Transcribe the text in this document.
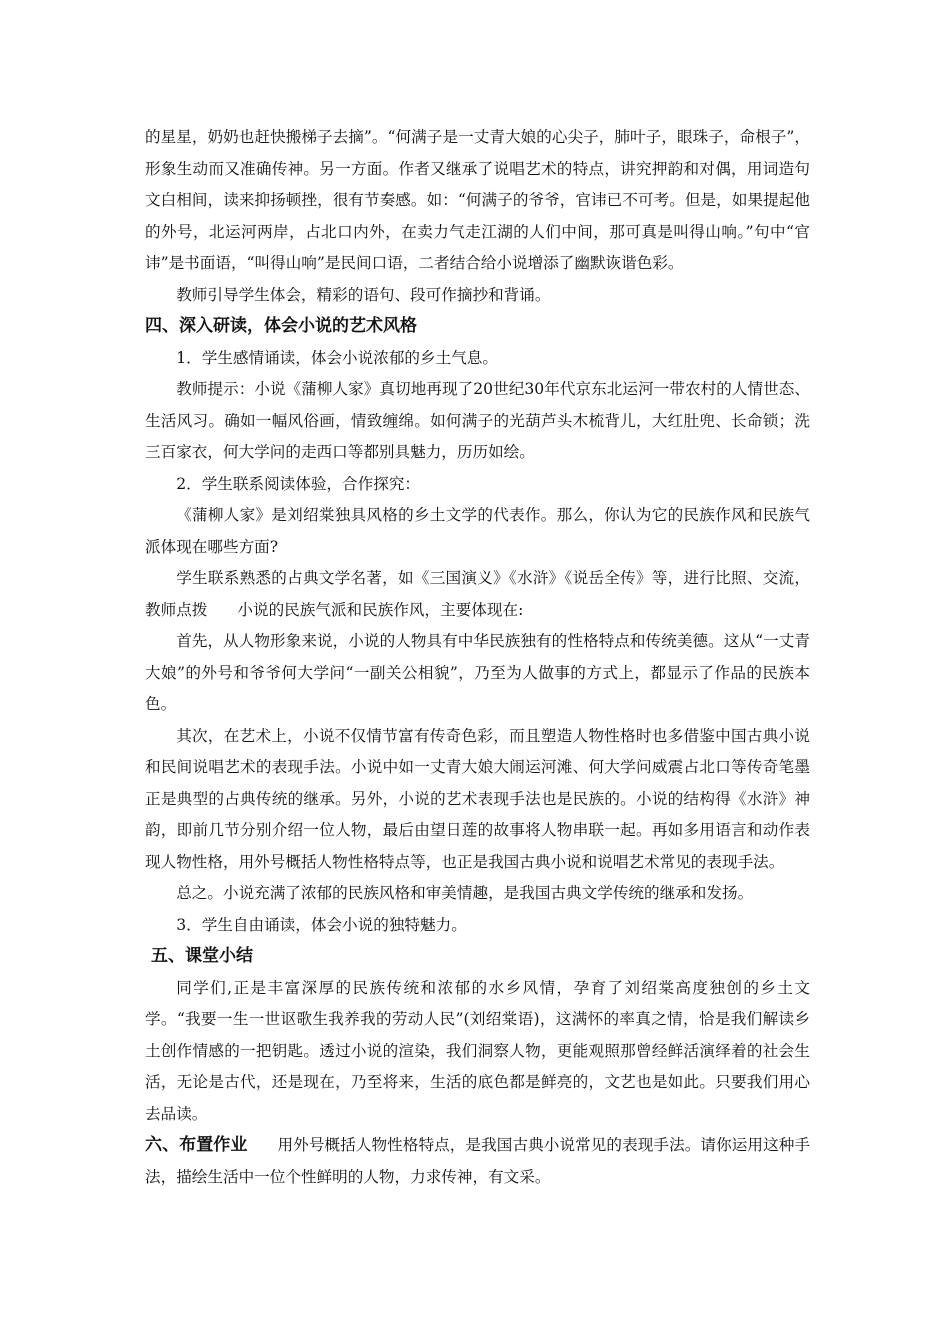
的星星，奶奶也赶快搬梯子去摘”。“何满子是一丈青大娘的心尖子，肺叶子，眼珠子，命根子”，形象生动而又准确传神。另一方面。作者又继承了说唱艺术的特点，讲究押韵和对偶，用词造句文白相间，读来抑扬顿挫，很有节奏感。如：“何满子的爷爷，官讳已不可考。但是，如果提起他的外号，北运河两岸，占北口内外，在卖力气走江湖的人们中间，那可真是叫得山响。”句中“官讳”是书面语，“叫得山响”是民间口语，二者结合给小说增添了幽默诙谐色彩。

教师引导学生体会，精彩的语句、段可作摘抄和背诵。

四、深入研读，体会小说的艺术风格

1．学生感情诵读，体会小说浓郁的乡土气息。

教师提示：小说《蒲柳人家》真切地再现了20世纪30年代京东北运河一带农村的人情世态、生活风习。确如一幅风俗画，情致缠绵。如何满子的光葫芦头木梳背儿，大红肚兜、长命锁；洗三百家衣，何大学问的走西口等都别具魅力，历历如绘。

2．学生联系阅读体验，合作探究：

《蒲柳人家》是刘绍棠独具风格的乡土文学的代表作。那么，你认为它的民族作风和民族气派体现在哪些方面?

学生联系熟悉的占典文学名著，如《三国演义》《水浒》《说岳全传》等，进行比照、交流，教师点拨 小说的民族气派和民族作风，主要体现在:

首先，从人物形象来说，小说的人物具有中华民族独有的性格特点和传统美德。这从“一丈青大娘”的外号和爷爷何大学问“一副关公相貌”，乃至为人做事的方式上，都显示了作品的民族本色。

其次，在艺术上，小说不仅情节富有传奇色彩，而且塑造人物性格时也多借鉴中国古典小说和民间说唱艺术的表现手法。小说中如一丈青大娘大闹运河滩、何大学问威震占北口等传奇笔墨正是典型的占典传统的继承。另外，小说的艺术表现手法也是民族的。小说的结构得《水浒》神韵，即前几节分别介绍一位人物，最后由望日莲的故事将人物串联一起。再如多用语言和动作表现人物性格，用外号概括人物性格特点等，也正是我国古典小说和说唱艺术常见的表现手法。

总之。小说充满了浓郁的民族风格和审美情趣，是我国古典文学传统的继承和发扬。

3．学生自由诵读，体会小说的独特魅力。

五、课堂小结

同学们,正是丰富深厚的民族传统和浓郁的水乡风情，孕育了刘绍棠高度独创的乡土文学。“我要一生一世讴歌生我养我的劳动人民”(刘绍棠语)，这满怀的率真之情，恰是我们解读乡土创作情感的一把钥匙。透过小说的渲染，我们洞察人物，更能观照那曾经鲜活演绎着的社会生活，无论是古代，还是现在，乃至将来，生活的底色都是鲜亮的，文艺也是如此。只要我们用心去品读。

六、布置作业 用外号概括人物性格特点，是我国古典小说常见的表现手法。请你运用这种手法，描绘生活中一位个性鲜明的人物，力求传神，有文采。
